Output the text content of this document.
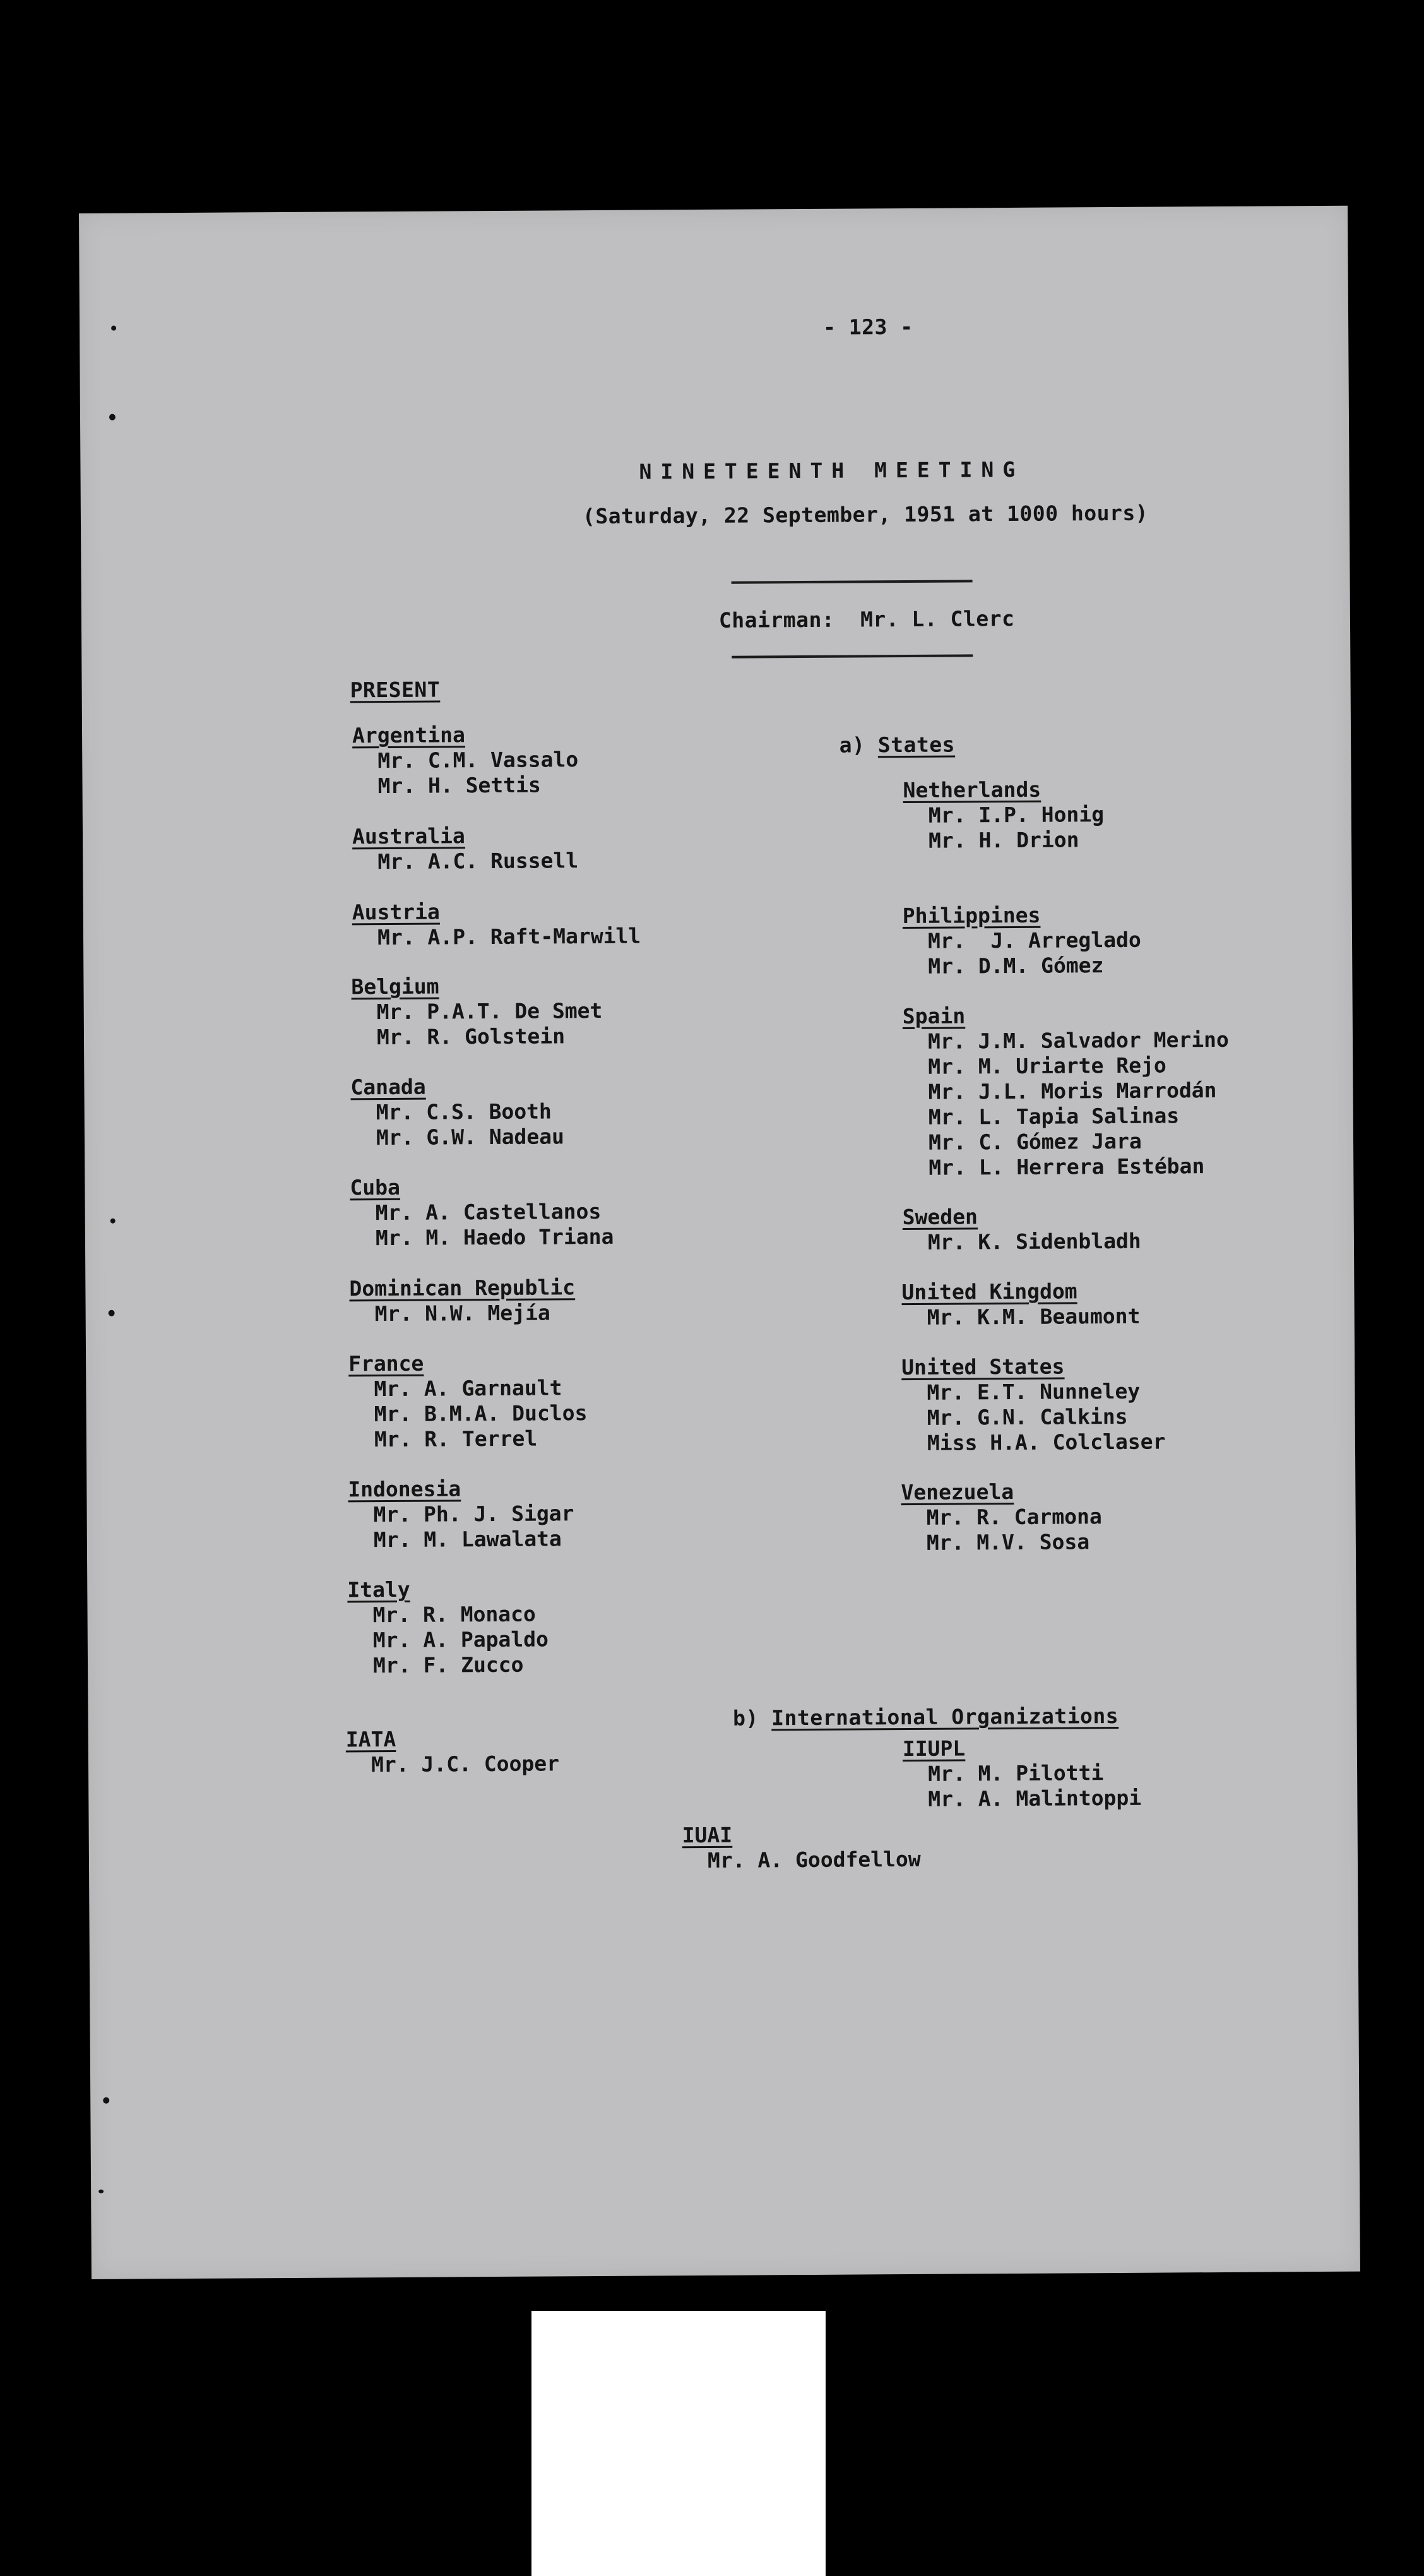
- 123 -
NINETEENTH MEETING
(Saturday, 22 September, 1951 at 1000 hours)
Chairman:  Mr. L. Clerc
PRESENT

a) States

Argentina
Mr. C.M. Vassalo
Mr. H. Settis
Australia
Mr. A.C. Russell
Austria
Mr. A.P. Raft-Marwill
Belgium
Mr. P.A.T. De Smet
Mr. R. Golstein
Canada
Mr. C.S. Booth
Mr. G.W. Nadeau
Cuba
Mr. A. Castellanos
Mr. M. Haedo Triana
Dominican Republic
Mr. N.W. Mejía
France
Mr. A. Garnault
Mr. B.M.A. Duclos
Mr. R. Terrel
Indonesia
Mr. Ph. J. Sigar
Mr. M. Lawalata
Italy
Mr. R. Monaco
Mr. A. Papaldo
Mr. F. Zucco
IATA
Mr. J.C. Cooper
Netherlands
Mr. I.P. Honig
Mr. H. Drion
Philippines
Mr.  J. Arreglado
Mr. D.M. Gómez
Spain
Mr. J.M. Salvador Merino
Mr. M. Uriarte Rejo
Mr. J.L. Moris Marrodán
Mr. L. Tapia Salinas
Mr. C. Gómez Jara
Mr. L. Herrera Estéban
Sweden
Mr. K. Sidenbladh
United Kingdom
Mr. K.M. Beaumont
United States
Mr. E.T. Nunneley
Mr. G.N. Calkins
Miss H.A. Colclaser
Venezuela
Mr. R. Carmona
Mr. M.V. Sosa

b) International Organizations

IIUPL
Mr. M. Pilotti
Mr. A. Malintoppi
IUAI
Mr. A. Goodfellow
